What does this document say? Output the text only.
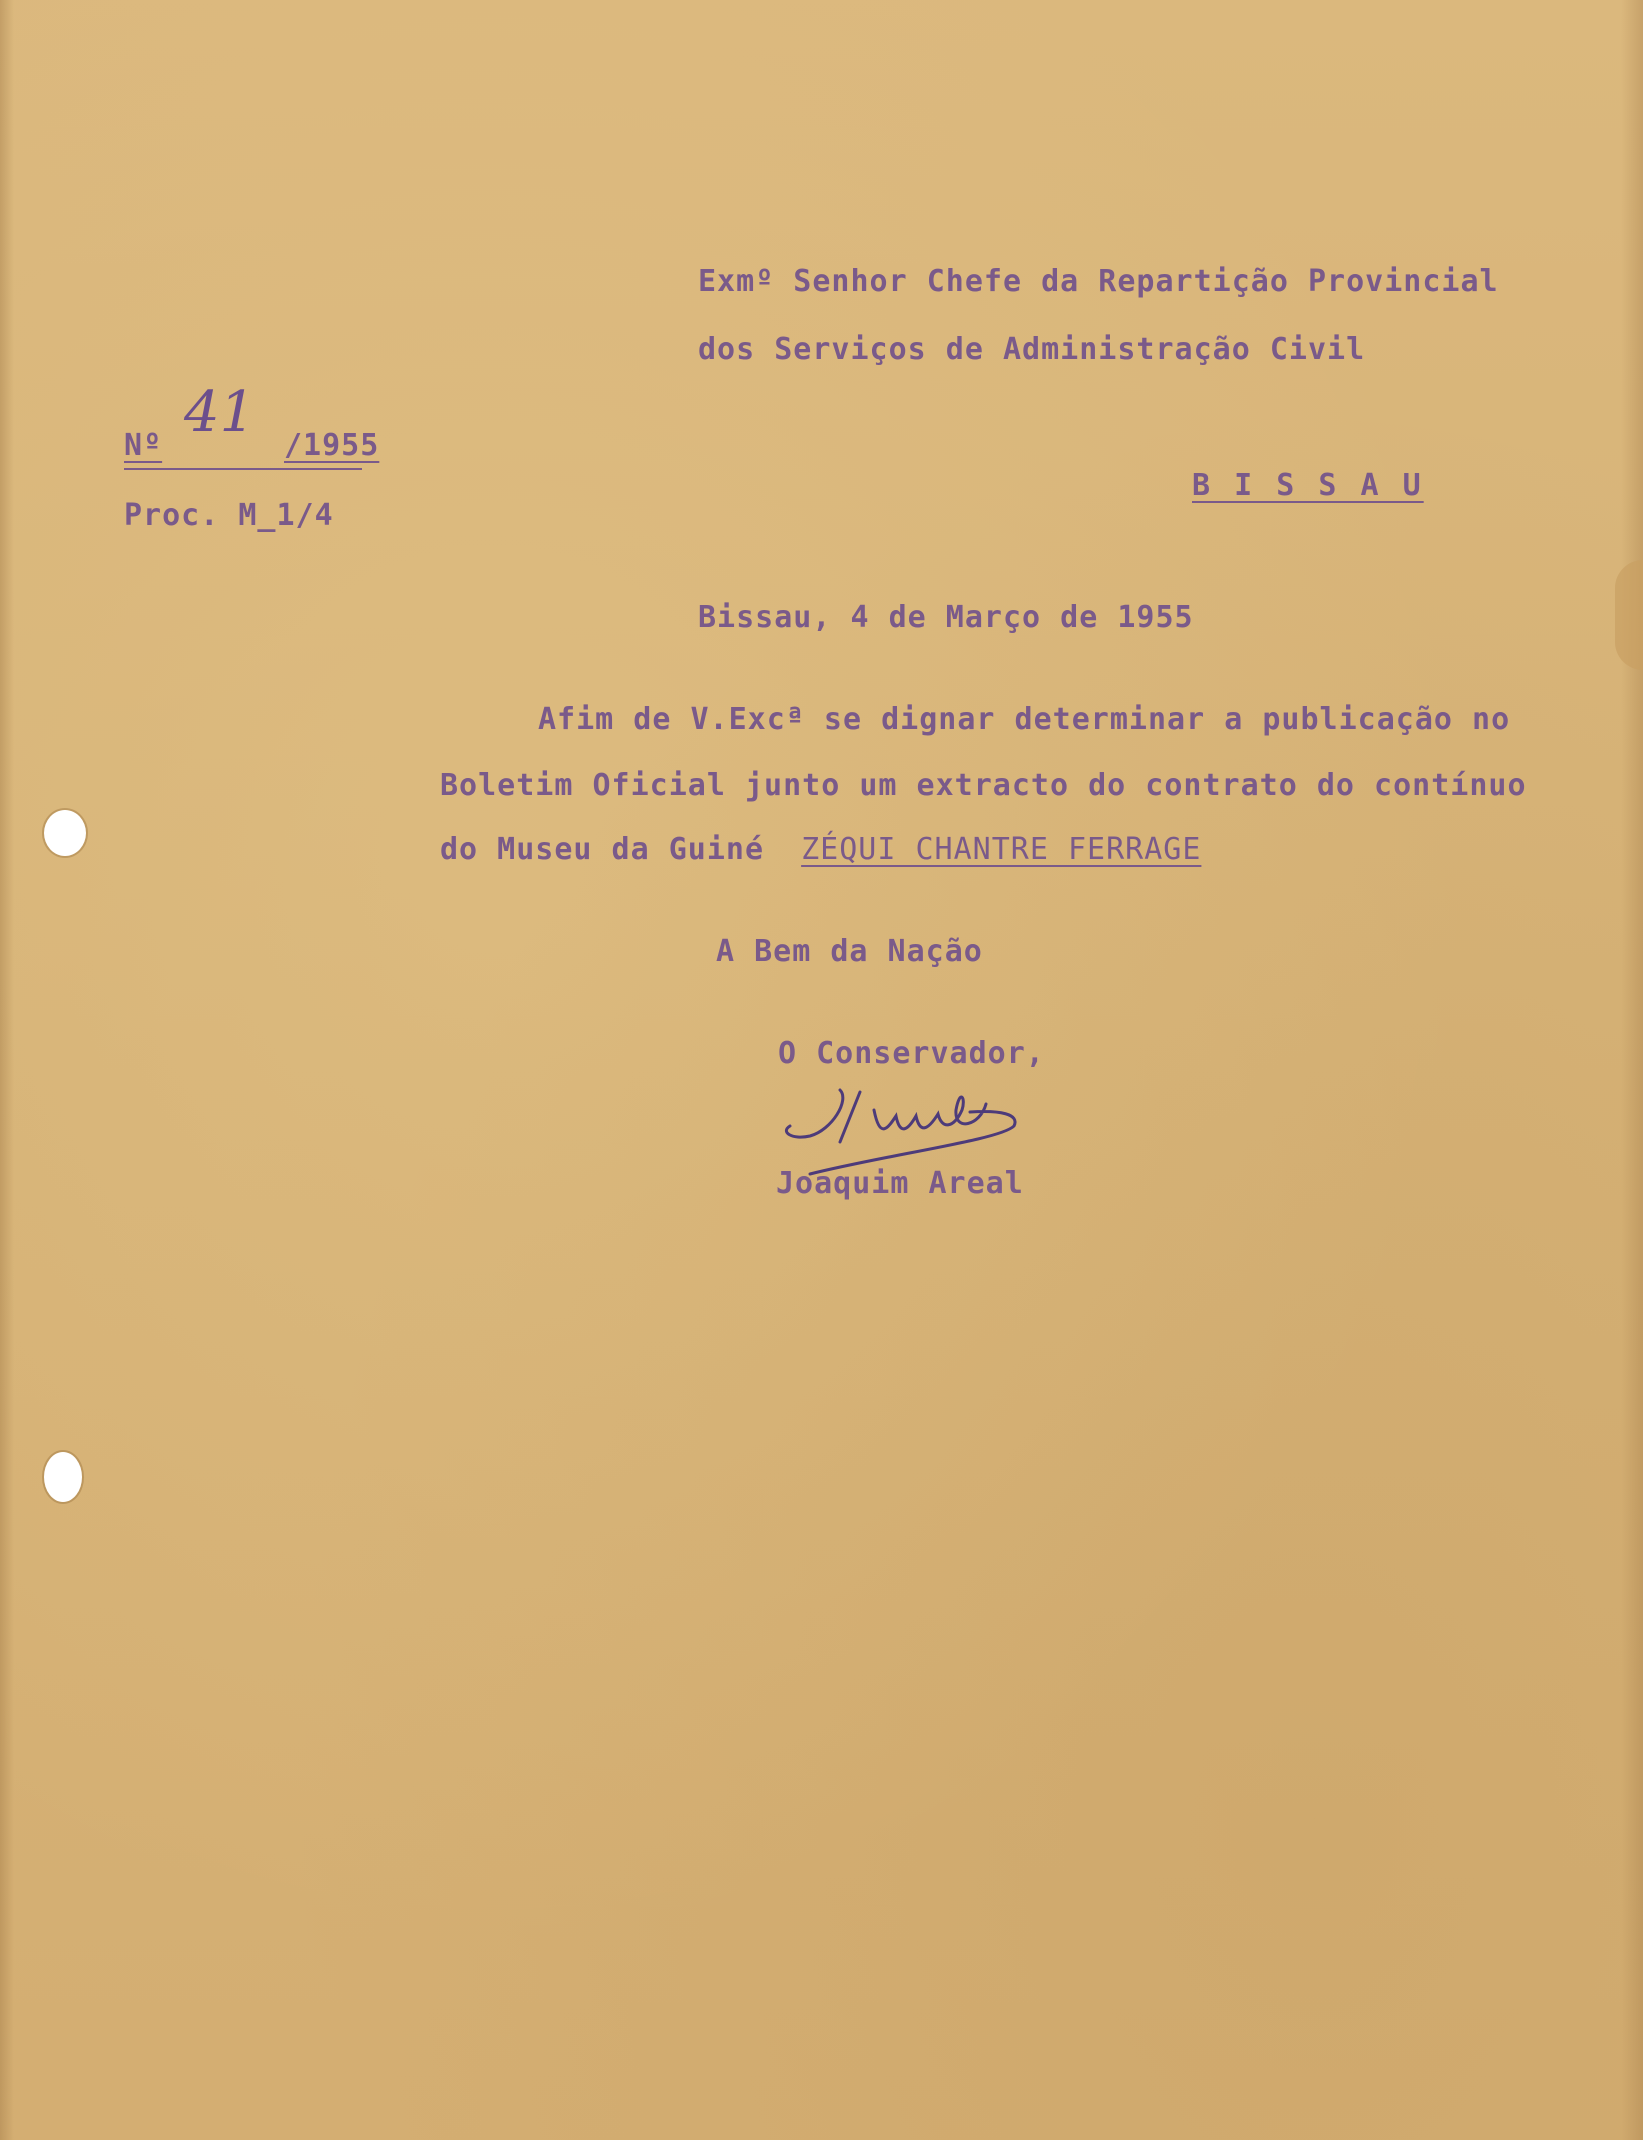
Exmº Senhor Chefe da Repartição Provincial
dos Serviços de Administração Civil
Nº
41
/1955
Proc. M_1/4
B I S S A U
Bissau, 4 de Março de 1955
Afim de V.Excª se dignar determinar a publicação no
Boletim Oficial junto um extracto do contrato do contínuo
do Museu da Guiné ZÉQUI CHANTRE FERRAGE
A Bem da Nação
O Conservador,
Joaquim Areal
